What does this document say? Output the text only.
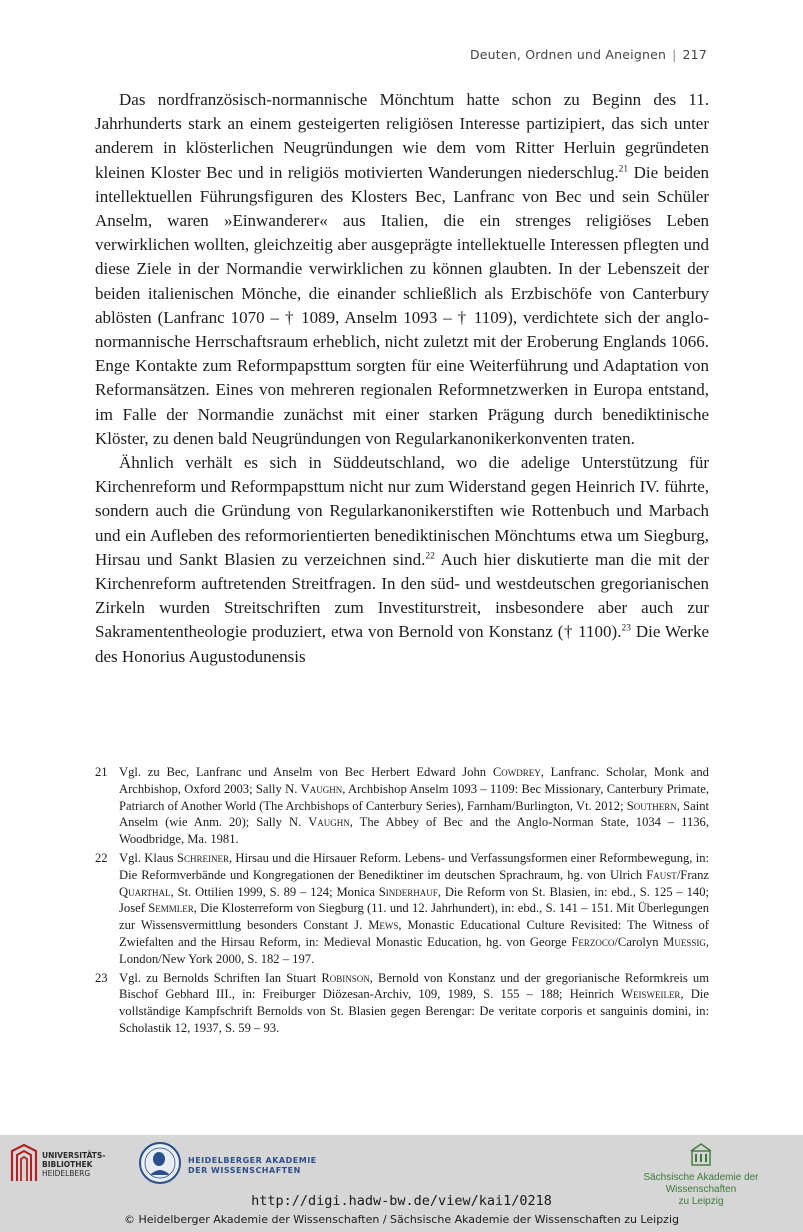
Deuten, Ordnen und Aneignen | 217

Das nordfranzösisch-normannische Mönchtum hatte schon zu Beginn des 11. Jahrhunderts stark an einem gesteigerten religiösen Interesse partizipiert, das sich unter anderem in klösterlichen Neugründungen wie dem vom Ritter Herluin gegründeten kleinen Kloster Bec und in religiös motivierten Wanderungen niederschlug.$^{21}$ Die beiden intellektuellen Führungsfiguren des Klosters Bec, Lanfranc von Bec und sein Schüler Anselm, waren »Einwanderer« aus Italien, die ein strenges religiöses Leben verwirklichen wollten, gleichzeitig aber ausgeprägte intellektuelle Interessen pflegten und diese Ziele in der Normandie verwirklichen zu können glaubten. In der Lebenszeit der beiden italienischen Mönche, die einander schließlich als Erzbischöfe von Canterbury ablösten (Lanfranc 1070 – † 1089, Anselm 1093 – † 1109), verdichtete sich der anglo-normannische Herrschaftsraum erheblich, nicht zuletzt mit der Eroberung Englands 1066. Enge Kontakte zum Reformpapsttum sorgten für eine Weiterführung und Adaptation von Reformansätzen. Eines von mehreren regionalen Reformnetzwerken in Europa entstand, im Falle der Normandie zunächst mit einer starken Prägung durch benediktinische Klöster, zu denen bald Neugründungen von Regularkanonikerkonventen traten.

Ähnlich verhält es sich in Süddeutschland, wo die adelige Unterstützung für Kirchenreform und Reformpapsttum nicht nur zum Widerstand gegen Heinrich IV. führte, sondern auch die Gründung von Regularkanonikerstiften wie Rottenbuch und Marbach und ein Aufleben des reformorientierten benediktinischen Mönchtums etwa um Siegburg, Hirsau und Sankt Blasien zu verzeichnen sind.$^{22}$ Auch hier diskutierte man die mit der Kirchenreform auftretenden Streitfragen. In den süd- und westdeutschen gregorianischen Zirkeln wurden Streitschriften zum Investiturstreit, insbesondere aber auch zur Sakramententheologie produziert, etwa von Bernold von Konstanz († 1100).$^{23}$ Die Werke des Honorius Augustodunensis

21 Vgl. zu Bec, Lanfranc und Anselm von Bec Herbert Edward John Cowdrey, Lanfranc. Scholar, Monk and Archbishop, Oxford 2003; Sally N. Vaughn, Archbishop Anselm 1093 – 1109: Bec Missionary, Canterbury Primate, Patriarch of Another World (The Archbishops of Canterbury Series), Farnham/Burlington, Vt. 2012; Southern, Saint Anselm (wie Anm. 20); Sally N. Vaughn, The Abbey of Bec and the Anglo-Norman State, 1034 – 1136, Woodbridge, Ma. 1981.
22 Vgl. Klaus Schreiner, Hirsau und die Hirsauer Reform. Lebens- und Verfassungsformen einer Reformbewegung, in: Die Reformverbände und Kongregationen der Benediktiner im deutschen Sprachraum, hg. von Ulrich Faust/Franz Quarthal, St. Ottilien 1999, S. 89 – 124; Monica Sinderhauf, Die Reform von St. Blasien, in: ebd., S. 125 – 140; Josef Semmler, Die Klosterreform von Siegburg (11. und 12. Jahrhundert), in: ebd., S. 141 – 151. Mit Überlegungen zur Wissensvermittlung besonders Constant J. Mews, Monastic Educational Culture Revisited: The Witness of Zwiefalten and the Hirsau Reform, in: Medieval Monastic Education, hg. von George Ferzoco/Carolyn Muessig, London/New York 2000, S. 182 – 197.
23 Vgl. zu Bernolds Schriften Ian Stuart Robinson, Bernold von Konstanz und der gregorianische Reformkreis um Bischof Gebhard III., in: Freiburger Diözesan-Archiv, 109, 1989, S. 155 – 188; Heinrich Weisweiler, Die vollständige Kampfschrift Bernolds von St. Blasien gegen Berengar: De veritate corporis et sanguinis domini, in: Scholastik 12, 1937, S. 59 – 93.
UNIVERSITÄTS-
BIBLIOTHEK
HEIDELBERG
HEIDELBERGER AKADEMIE
DER WISSENSCHAFTEN
Sächsische Akademie der Wissenschaften
zu Leipzig
http://digi.hadw-bw.de/view/kai1/0218
© Heidelberger Akademie der Wissenschaften / Sächsische Akademie der Wissenschaften zu Leipzig
